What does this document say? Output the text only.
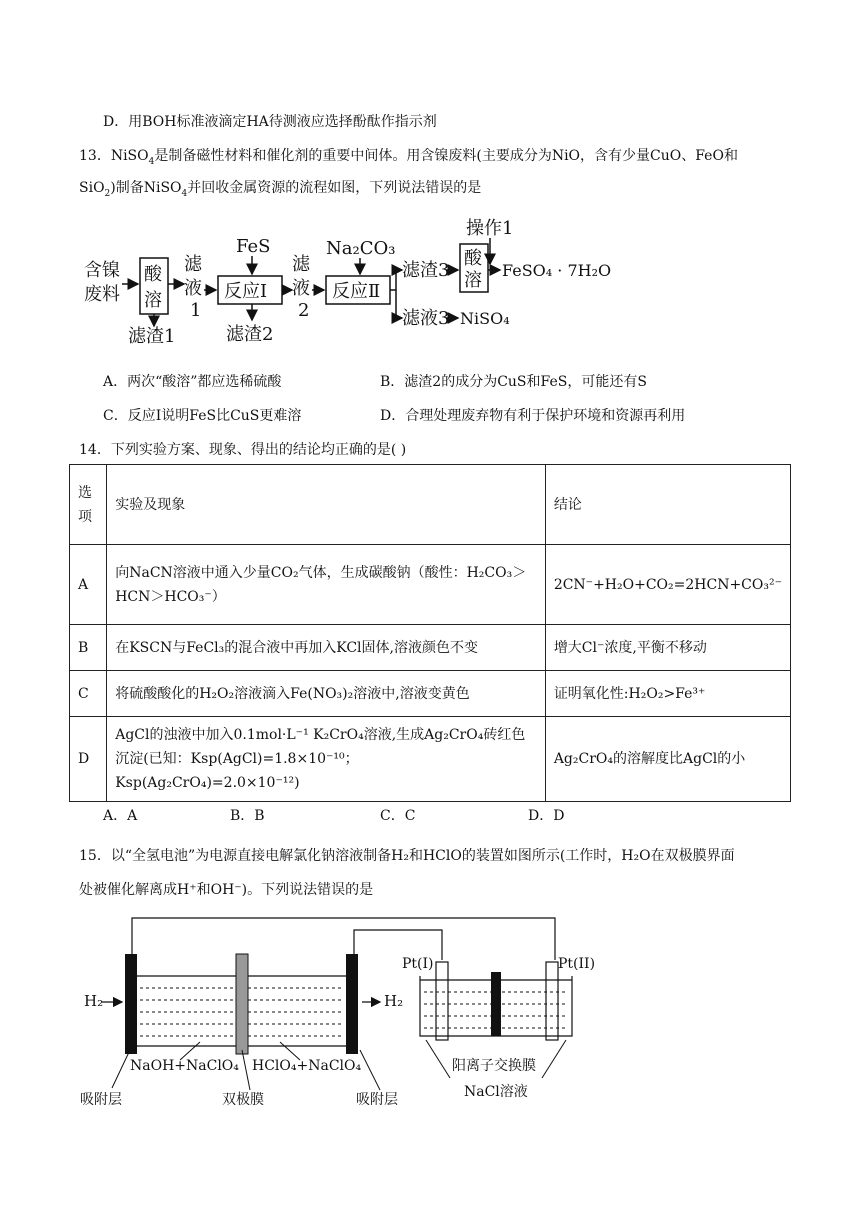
D．用BOH标准液滴定HA待测液应选择酚酞作指示剂
13．NiSO$_4$是制备磁性材料和催化剂的重要中间体。用含镍废料(主要成分为NiO，含有少量CuO、FeO和
SiO$_2$)制备NiSO$_4$并回收金属资源的流程如图，下列说法错误的是
含镍
废料
酸
溶
滤渣1
滤
液
1
FeS
反应Ⅰ
滤渣2
滤
液
2
Na₂CO₃
反应Ⅱ
滤渣3
酸
溶
操作1
FeSO₄ · 7H₂O
滤液3 NiSO₄
A．两次“酸溶”都应选稀硫酸	B．滤渣2的成分为CuS和FeS，可能还有S
C．反应I说明FeS比CuS更难溶	D．合理处理废弃物有利于保护环境和资源再利用
14．下列实验方案、现象、得出的结论均正确的是( )
选项	实验及现象	结论
A	向NaCN溶液中通入少量CO₂气体，生成碳酸钠（酸性：H₂CO₃＞HCN＞HCO₃⁻）	2CN⁻+H₂O+CO₂=2HCN+CO₃²⁻
B	在KSCN与FeCl₃的混合液中再加入KCl固体,溶液颜色不变	增大Cl⁻浓度,平衡不移动
C	将硫酸酸化的H₂O₂溶液滴入Fe(NO₃)₂溶液中,溶液变黄色	证明氧化性:H₂O₂>Fe³⁺
D	AgCl的浊液中加入0.1mol·L⁻¹ K₂CrO₄溶液,生成Ag₂CrO₄砖红色沉淀(已知：Ksp(AgCl)=1.8×10⁻¹⁰；Ksp(Ag₂CrO₄)=2.0×10⁻¹²)	Ag₂CrO₄的溶解度比AgCl的小
A．A	B．B	C．C	D．D
15．以“全氢电池”为电源直接电解氯化钠溶液制备H₂和HClO的装置如图所示(工作时，H₂O在双极膜界面
处被催化解离成H⁺和OH⁻)。下列说法错误的是
H₂	H₂
NaOH+NaClO₄ HClO₄+NaClO₄
吸附层	双极膜	吸附层
Pt(I)	Pt(II)
阳离子交换膜
NaCl溶液
